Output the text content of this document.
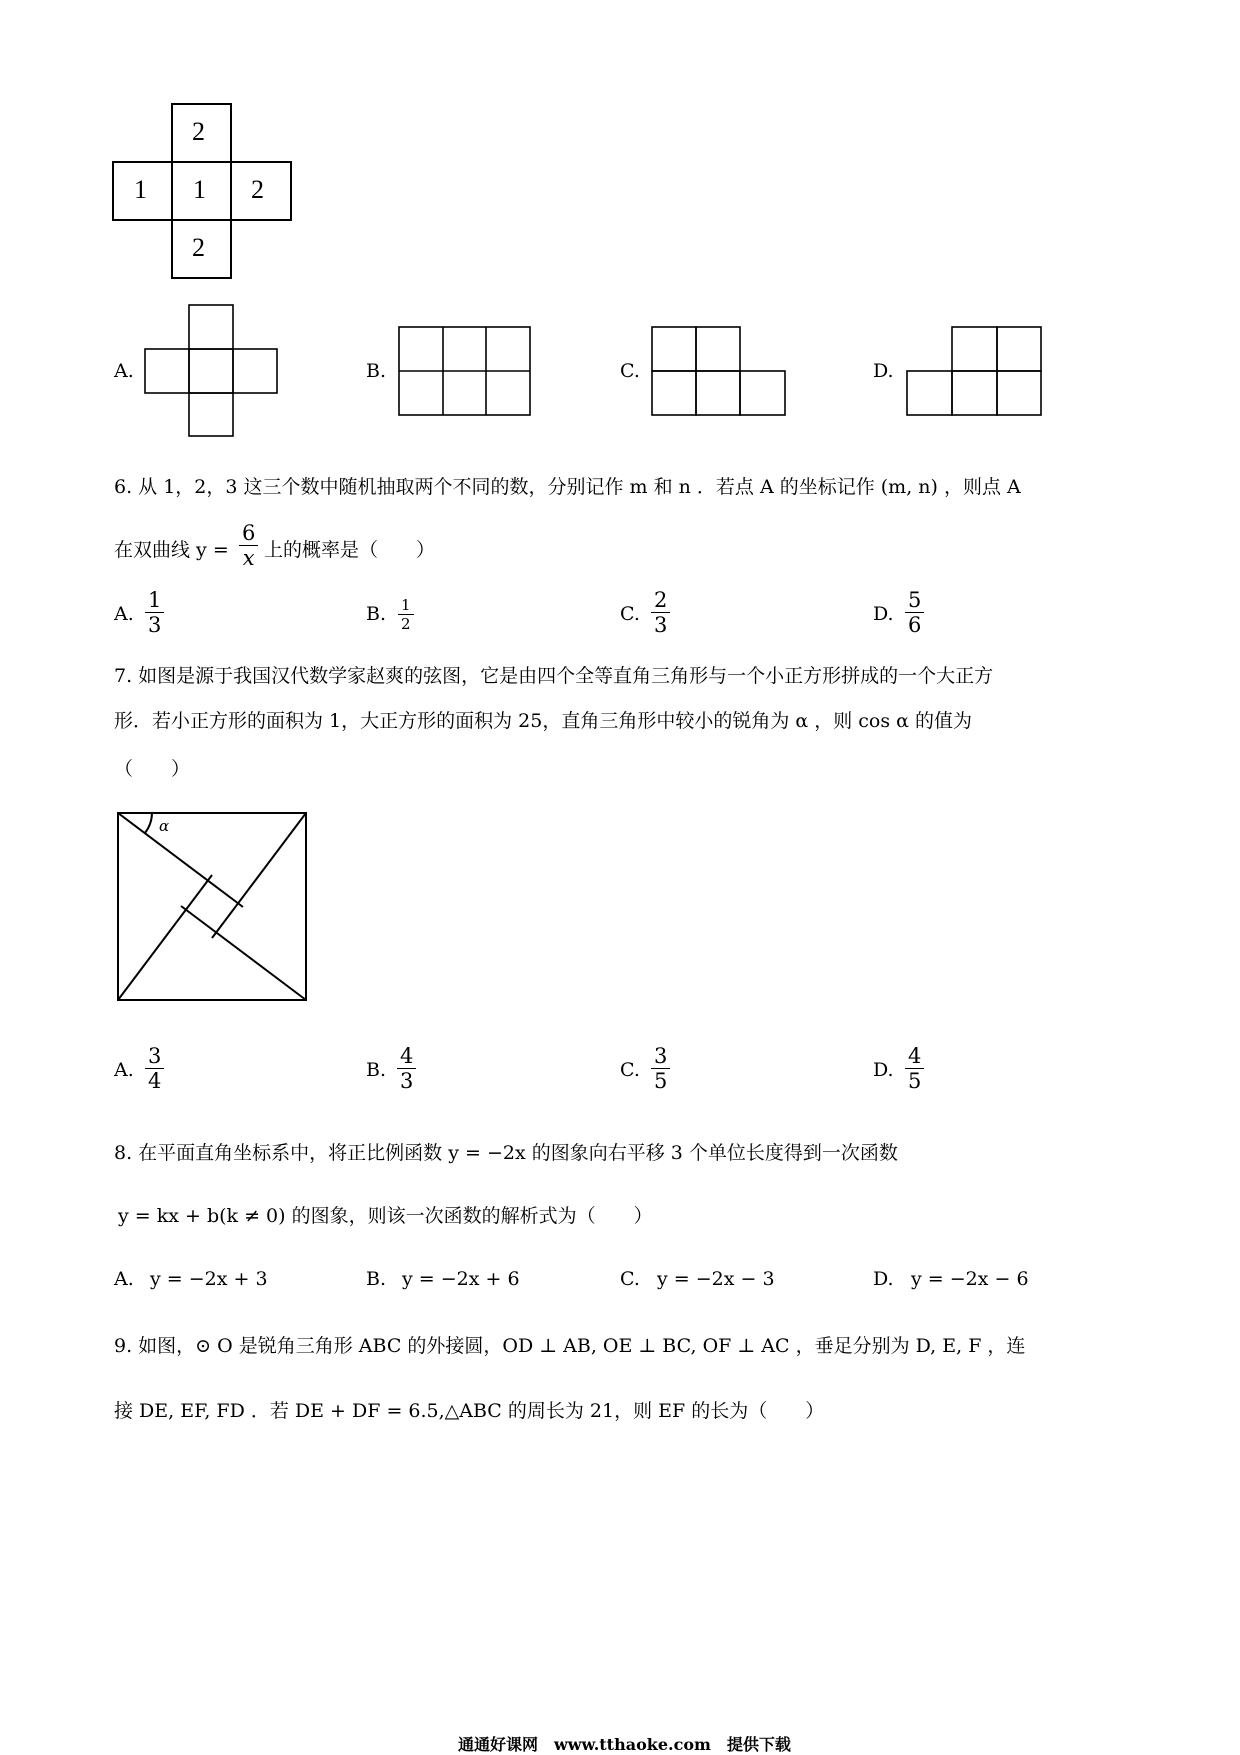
2
1 1 2
2
A.	B.	C.	D.
6. 从 1，2，3 这三个数中随机抽取两个不同的数，分别记作 m 和 n ．若点 A 的坐标记作 (m, n) ，则点 A
在双曲线 $y = \frac{6}{x}$ 上的概率是（　　）
A. $\frac{1}{3}$	B. $\frac{1}{2}$	C. $\frac{2}{3}$	D. $\frac{5}{6}$
7. 如图是源于我国汉代数学家赵爽的弦图，它是由四个全等直角三角形与一个小正方形拼成的一个大正方
形．若小正方形的面积为 1，大正方形的面积为 25，直角三角形中较小的锐角为 α ，则 cos α 的值为
（　　）
α
A. $\frac{3}{4}$	B. $\frac{4}{3}$	C. $\frac{3}{5}$	D. $\frac{4}{5}$
8. 在平面直角坐标系中，将正比例函数 y = −2x 的图象向右平移 3 个单位长度得到一次函数
y = kx + b(k ≠ 0) 的图象，则该一次函数的解析式为（　　）
A. y = −2x + 3	B. y = −2x + 6	C. y = −2x − 3	D. y = −2x − 6
9. 如图，⊙ O 是锐角三角形 ABC 的外接圆，OD ⊥ AB, OE ⊥ BC, OF ⊥ AC ，垂足分别为 D, E, F ，连
接 DE, EF, FD ．若 DE + DF = 6.5,△ABC 的周长为 21，则 EF 的长为（　　）
通通好课网　www.tthaoke.com　提供下载
